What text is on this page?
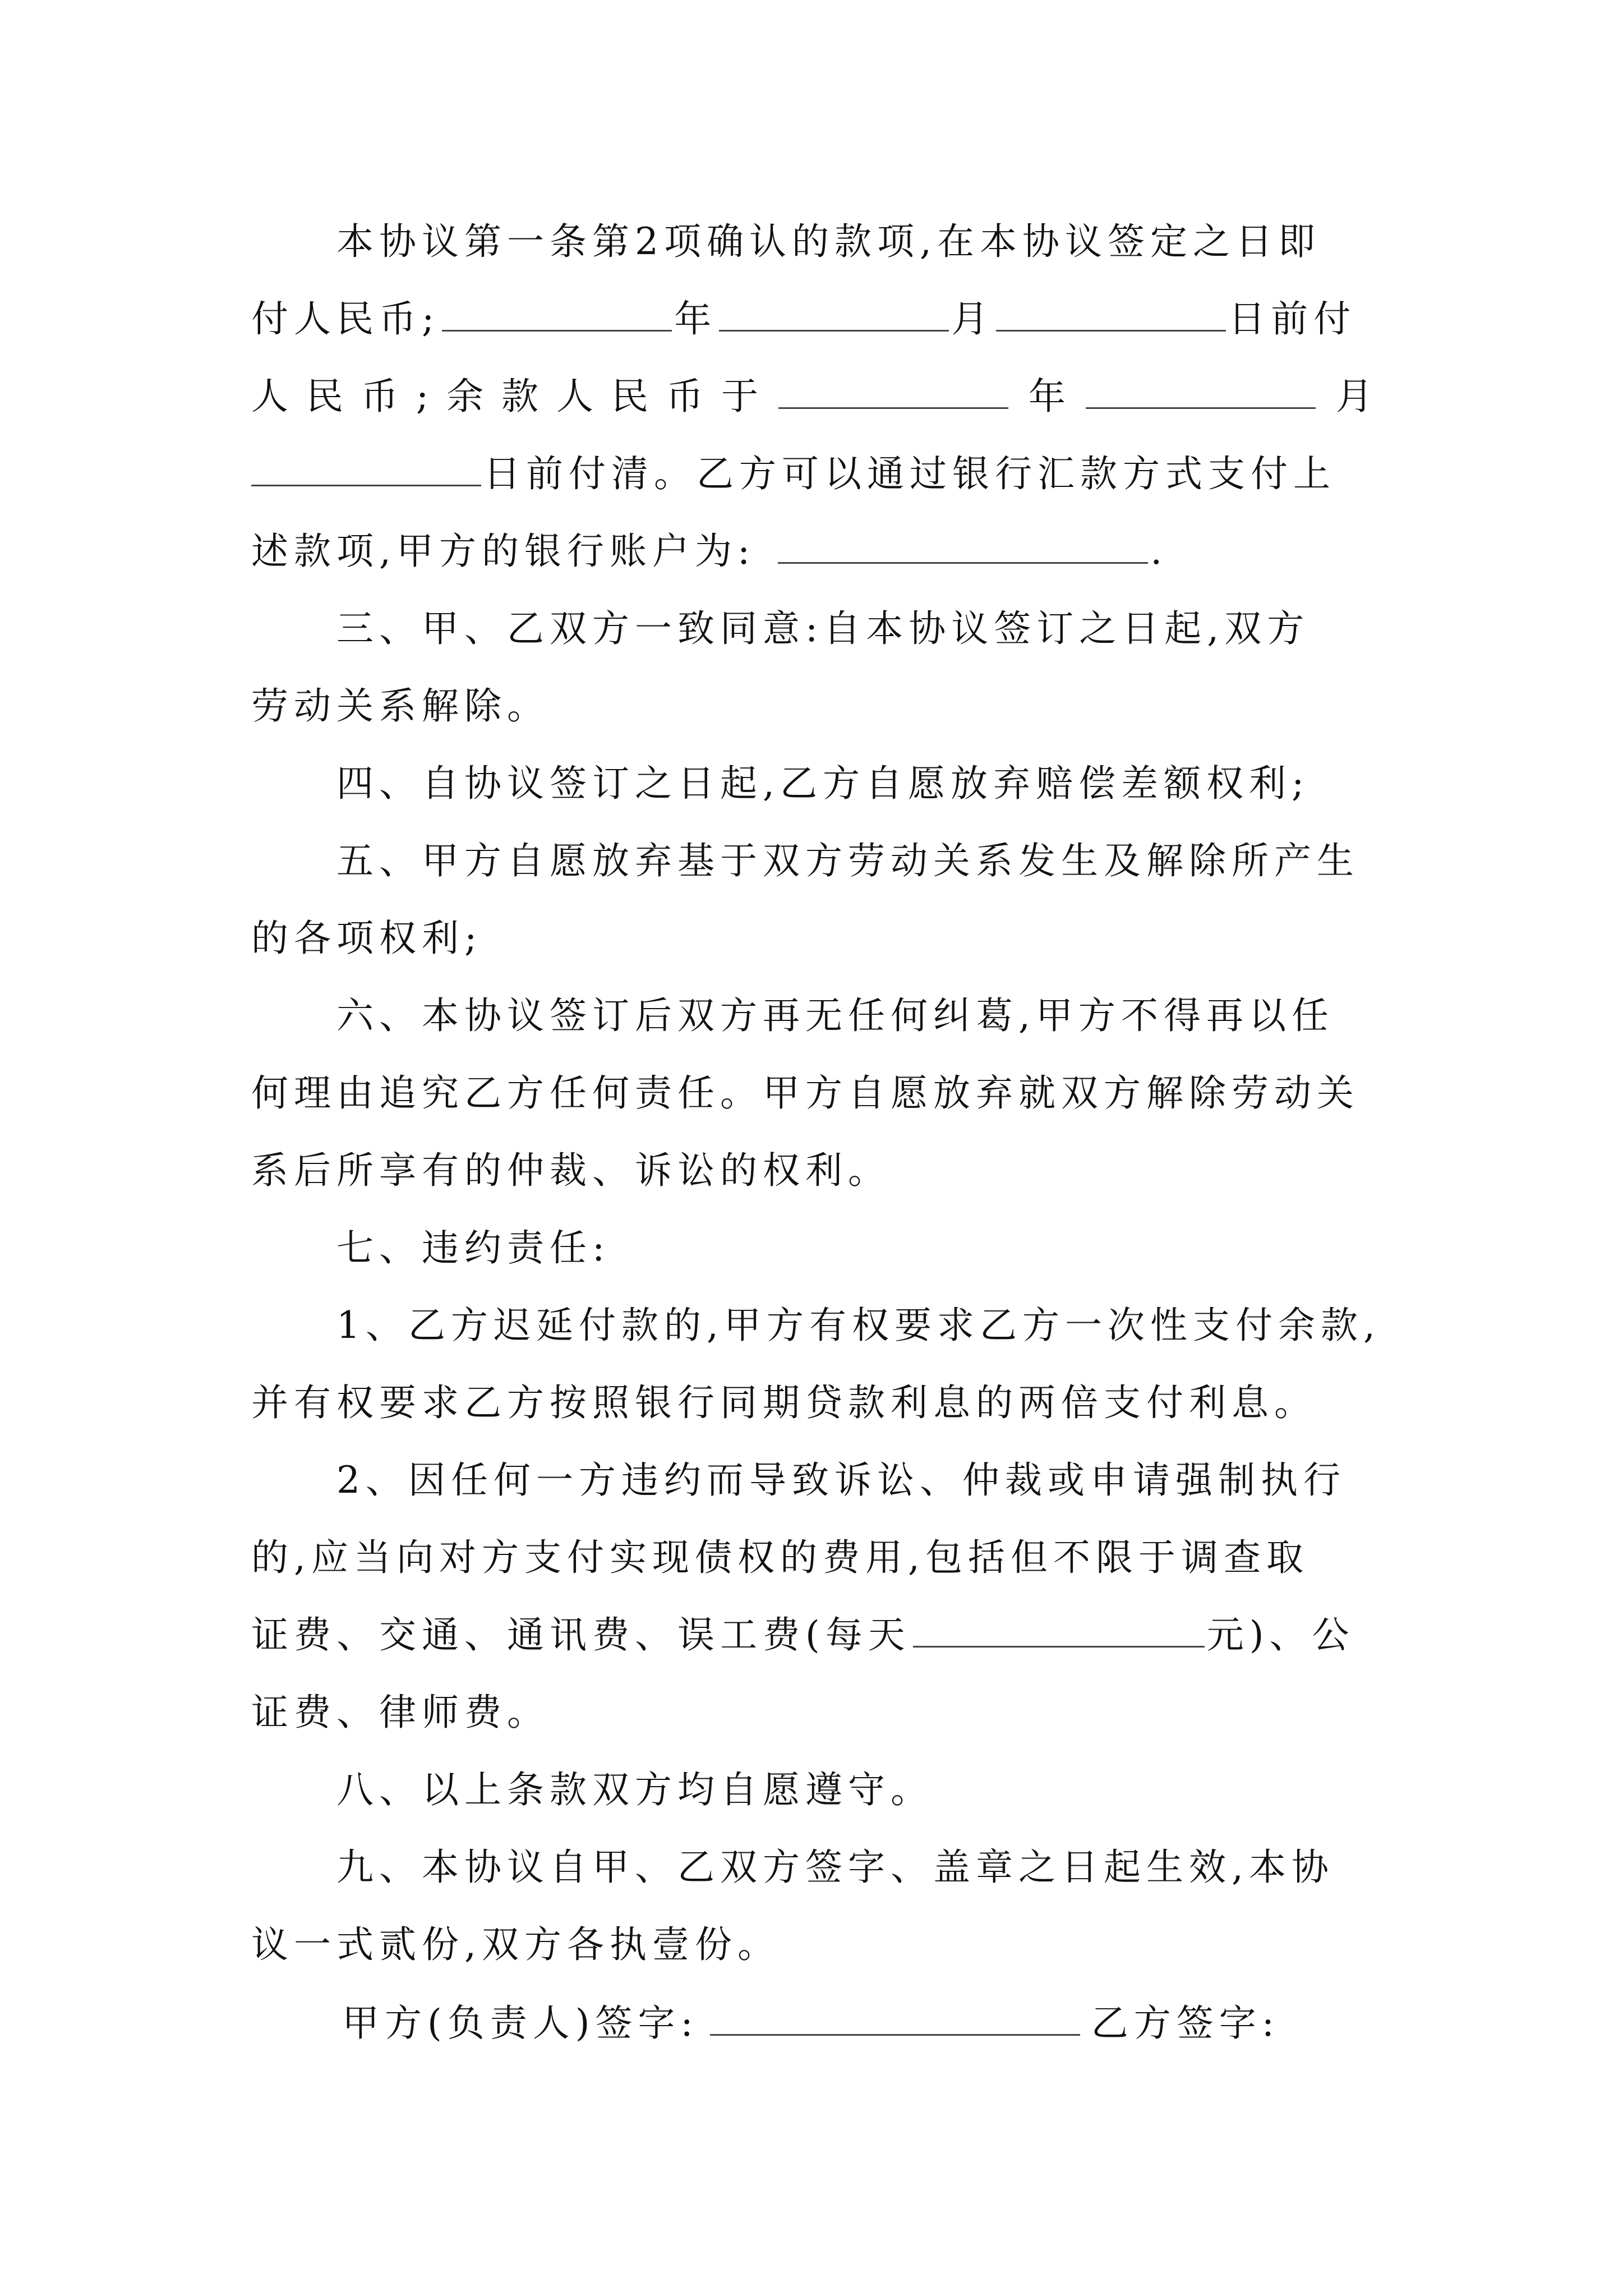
本协议第一条第2项确认的款项,在本协议签定之日即
付人民币;	年	月	日前付
人 民 币 ; 余 款 人 民 币 于	年	月
日前付清。乙方可以通过银行汇款方式支付上
述款项,甲方的银行账户为:	.
三、甲、乙双方一致同意:自本协议签订之日起,双方
劳动关系解除。
四、自协议签订之日起,乙方自愿放弃赔偿差额权利;
五、甲方自愿放弃基于双方劳动关系发生及解除所产生
的各项权利;
六、本协议签订后双方再无任何纠葛,甲方不得再以任
何理由追究乙方任何责任。甲方自愿放弃就双方解除劳动关
系后所享有的仲裁、诉讼的权利。
七、违约责任:
1、乙方迟延付款的,甲方有权要求乙方一次性支付余款,
并有权要求乙方按照银行同期贷款利息的两倍支付利息。
2、因任何一方违约而导致诉讼、仲裁或申请强制执行
的,应当向对方支付实现债权的费用,包括但不限于调查取
证费、交通、通讯费、误工费(每天	元)、公
证费、律师费。
八、以上条款双方均自愿遵守。
九、本协议自甲、乙双方签字、盖章之日起生效,本协
议一式贰份,双方各执壹份。
甲方(负责人)签字:	乙方签字:
